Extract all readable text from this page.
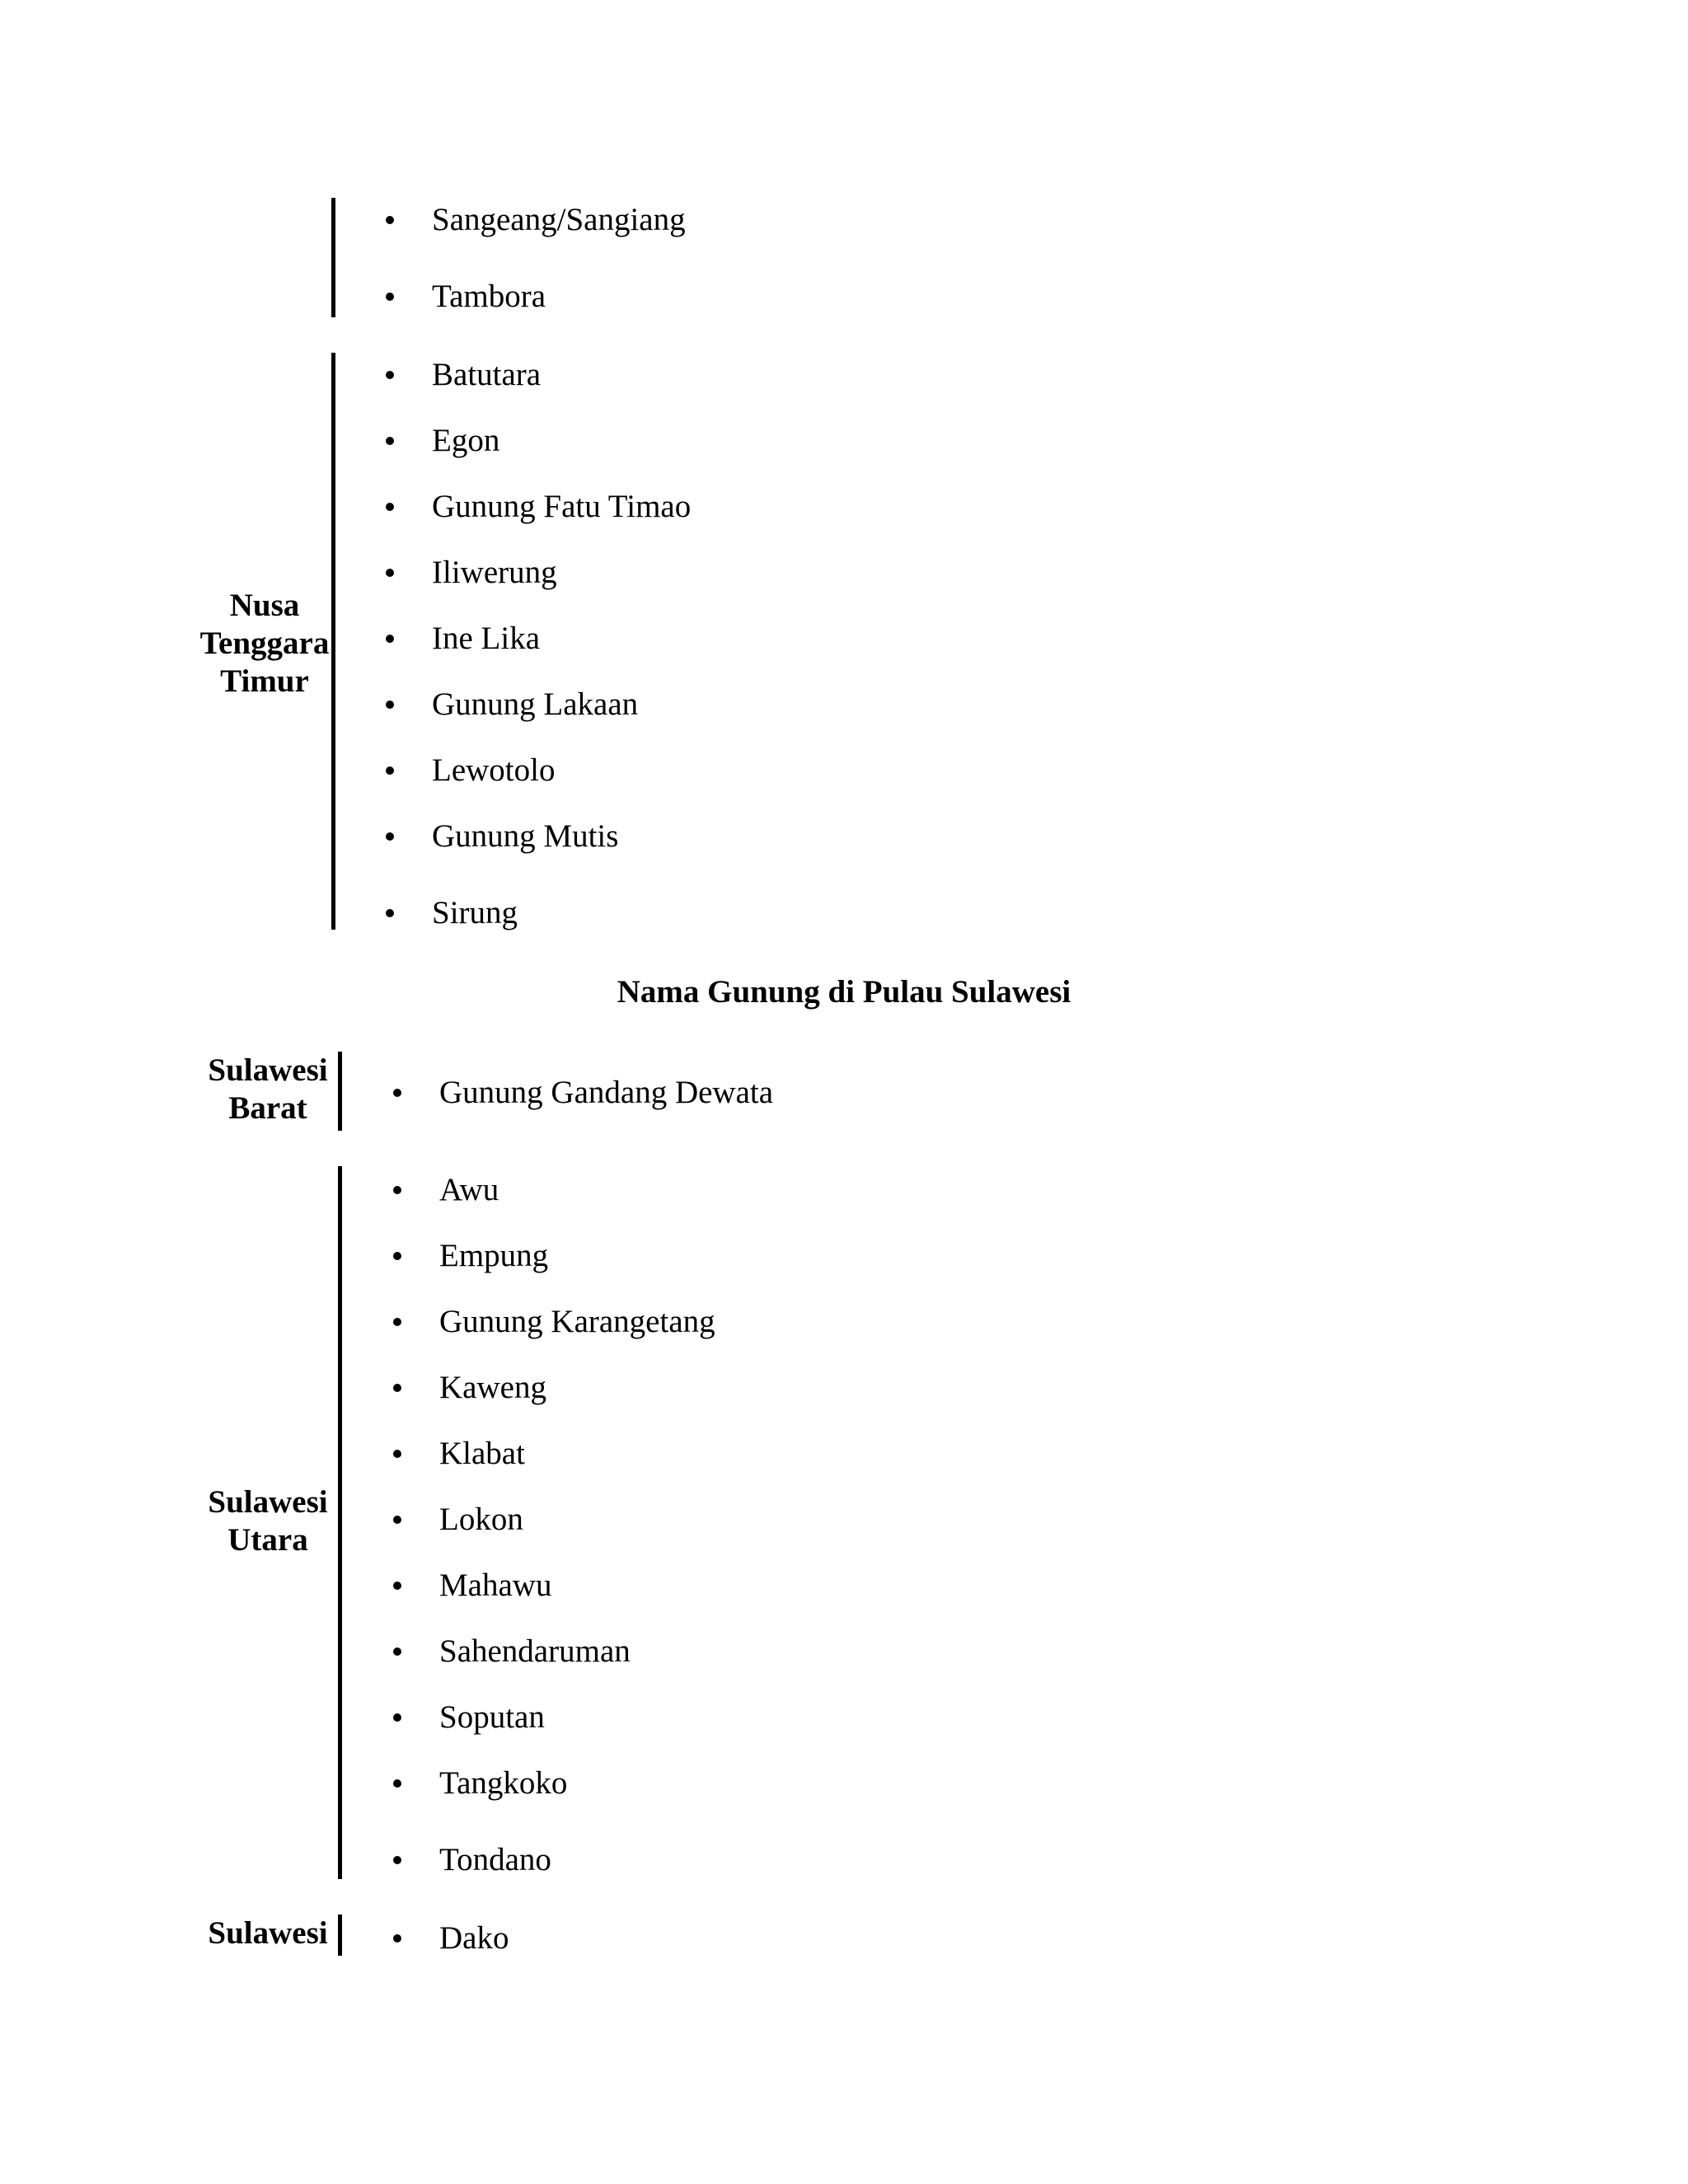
Sangeang/Sangiang
Tambora
Nusa
Tenggara
Timur
Batutara
Egon
Gunung Fatu Timao
Iliwerung
Ine Lika
Gunung Lakaan
Lewotolo
Gunung Mutis
Sirung
Nama Gunung di Pulau Sulawesi
Sulawesi
Barat	Gunung Gandang Dewata
Sulawesi
Utara
Awu
Empung
Gunung Karangetang
Kaweng
Klabat
Lokon
Mahawu
Sahendaruman
Soputan
Tangkoko
Tondano
Sulawesi	Dako
